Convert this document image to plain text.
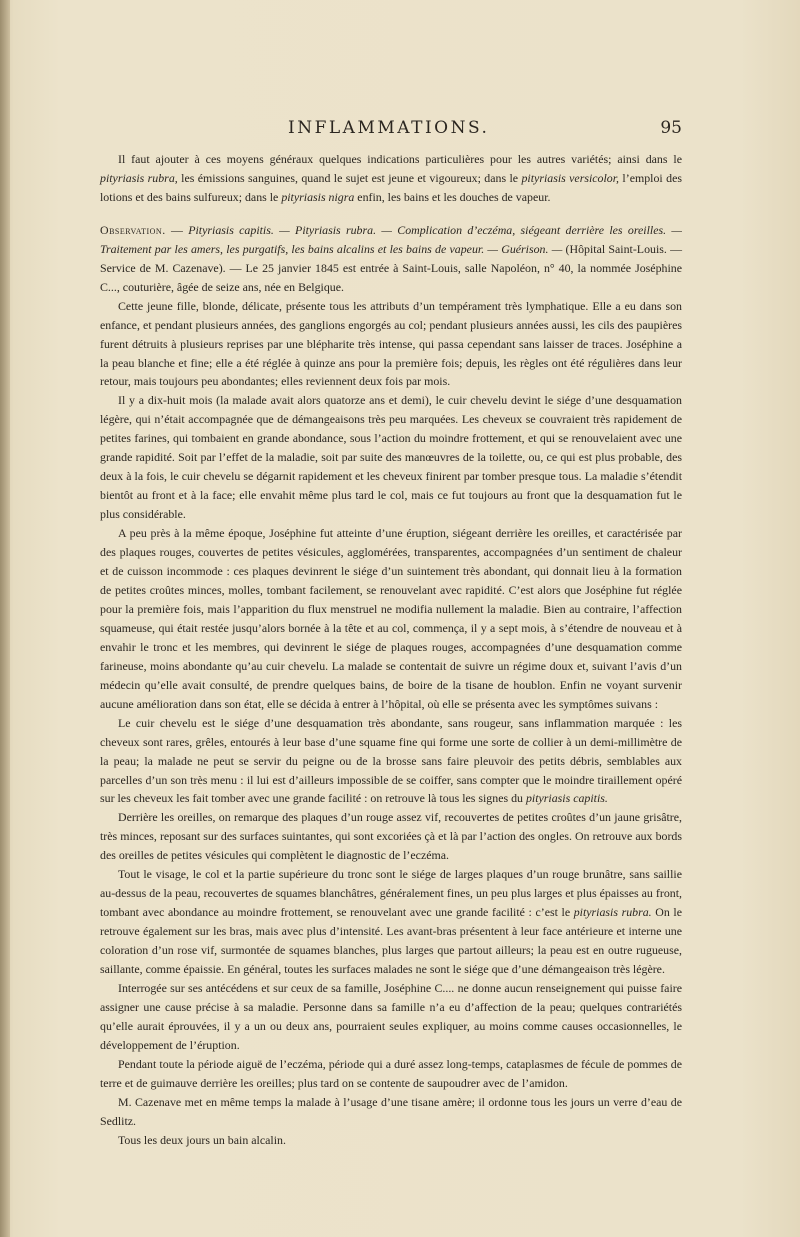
INFLAMMATIONS.	95

Il faut ajouter à ces moyens généraux quelques indications particulières pour les autres variétés; ainsi dans le pityriasis rubra, les émissions sanguines, quand le sujet est jeune et vigoureux; dans le pityriasis versicolor, l’emploi des lotions et des bains sulfureux; dans le pityriasis nigra enfin, les bains et les douches de vapeur.

Observation. — Pityriasis capitis. — Pityriasis rubra. — Complication d’eczéma, siégeant derrière les oreilles. — Traitement par les amers, les purgatifs, les bains alcalins et les bains de vapeur. — Guérison. — (Hôpital Saint-Louis. — Service de M. Cazenave). — Le 25 janvier 1845 est entrée à Saint-Louis, salle Napoléon, n° 40, la nommée Joséphine C..., couturière, âgée de seize ans, née en Belgique.

Cette jeune fille, blonde, délicate, présente tous les attributs d’un tempérament très lymphatique. Elle a eu dans son enfance, et pendant plusieurs années, des ganglions engorgés au col; pendant plusieurs années aussi, les cils des paupières furent détruits à plusieurs reprises par une blépharite très intense, qui passa cependant sans laisser de traces. Joséphine a la peau blanche et fine; elle a été réglée à quinze ans pour la première fois; depuis, les règles ont été régulières dans leur retour, mais toujours peu abondantes; elles reviennent deux fois par mois.

Il y a dix-huit mois (la malade avait alors quatorze ans et demi), le cuir chevelu devint le siége d’une desquamation légère, qui n’était accompagnée que de démangeaisons très peu marquées. Les cheveux se couvraient très rapidement de petites farines, qui tombaient en grande abondance, sous l’action du moindre frottement, et qui se renouvelaient avec une grande rapidité. Soit par l’effet de la maladie, soit par suite des manœuvres de la toilette, ou, ce qui est plus probable, des deux à la fois, le cuir chevelu se dégarnit rapidement et les cheveux finirent par tomber presque tous. La maladie s’étendit bientôt au front et à la face; elle envahit même plus tard le col, mais ce fut toujours au front que la desquamation fut le plus considérable.

A peu près à la même époque, Joséphine fut atteinte d’une éruption, siégeant derrière les oreilles, et caractérisée par des plaques rouges, couvertes de petites vésicules, agglomérées, transparentes, accompagnées d’un sentiment de chaleur et de cuisson incommode : ces plaques devinrent le siége d’un suintement très abondant, qui donnait lieu à la formation de petites croûtes minces, molles, tombant facilement, se renouvelant avec rapidité. C’est alors que Joséphine fut réglée pour la première fois, mais l’apparition du flux menstruel ne modifia nullement la maladie. Bien au contraire, l’affection squameuse, qui était restée jusqu’alors bornée à la tête et au col, commença, il y a sept mois, à s’étendre de nouveau et à envahir le tronc et les membres, qui devinrent le siége de plaques rouges, accompagnées d’une desquamation comme farineuse, moins abondante qu’au cuir chevelu. La malade se contentait de suivre un régime doux et, suivant l’avis d’un médecin qu’elle avait consulté, de prendre quelques bains, de boire de la tisane de houblon. Enfin ne voyant survenir aucune amélioration dans son état, elle se décida à entrer à l’hôpital, où elle se présenta avec les symptômes suivans :

Le cuir chevelu est le siége d’une desquamation très abondante, sans rougeur, sans inflammation marquée : les cheveux sont rares, grêles, entourés à leur base d’une squame fine qui forme une sorte de collier à un demi-millimètre de la peau; la malade ne peut se servir du peigne ou de la brosse sans faire pleuvoir des petits débris, semblables aux parcelles d’un son très menu : il lui est d’ailleurs impossible de se coiffer, sans compter que le moindre tiraillement opéré sur les cheveux les fait tomber avec une grande facilité : on retrouve là tous les signes du pityriasis capitis.

Derrière les oreilles, on remarque des plaques d’un rouge assez vif, recouvertes de petites croûtes d’un jaune grisâtre, très minces, reposant sur des surfaces suintantes, qui sont excoriées çà et là par l’action des ongles. On retrouve aux bords des oreilles de petites vésicules qui complètent le diagnostic de l’eczéma.

Tout le visage, le col et la partie supérieure du tronc sont le siége de larges plaques d’un rouge brunâtre, sans saillie au-dessus de la peau, recouvertes de squames blanchâtres, généralement fines, un peu plus larges et plus épaisses au front, tombant avec abondance au moindre frottement, se renouvelant avec une grande facilité : c’est le pityriasis rubra. On le retrouve également sur les bras, mais avec plus d’intensité. Les avant-bras présentent à leur face antérieure et interne une coloration d’un rose vif, surmontée de squames blanches, plus larges que partout ailleurs; la peau est en outre rugueuse, saillante, comme épaissie. En général, toutes les surfaces malades ne sont le siége que d’une démangeaison très légère.

Interrogée sur ses antécédens et sur ceux de sa famille, Joséphine C.... ne donne aucun renseignement qui puisse faire assigner une cause précise à sa maladie. Personne dans sa famille n’a eu d’affection de la peau; quelques contrariétés qu’elle aurait éprouvées, il y a un ou deux ans, pourraient seules expliquer, au moins comme causes occasionnelles, le développement de l’éruption.

Pendant toute la période aiguë de l’eczéma, période qui a duré assez long-temps, cataplasmes de fécule de pommes de terre et de guimauve derrière les oreilles; plus tard on se contente de saupoudrer avec de l’amidon.

M. Cazenave met en même temps la malade à l’usage d’une tisane amère; il ordonne tous les jours un verre d’eau de Sedlitz.

Tous les deux jours un bain alcalin.
